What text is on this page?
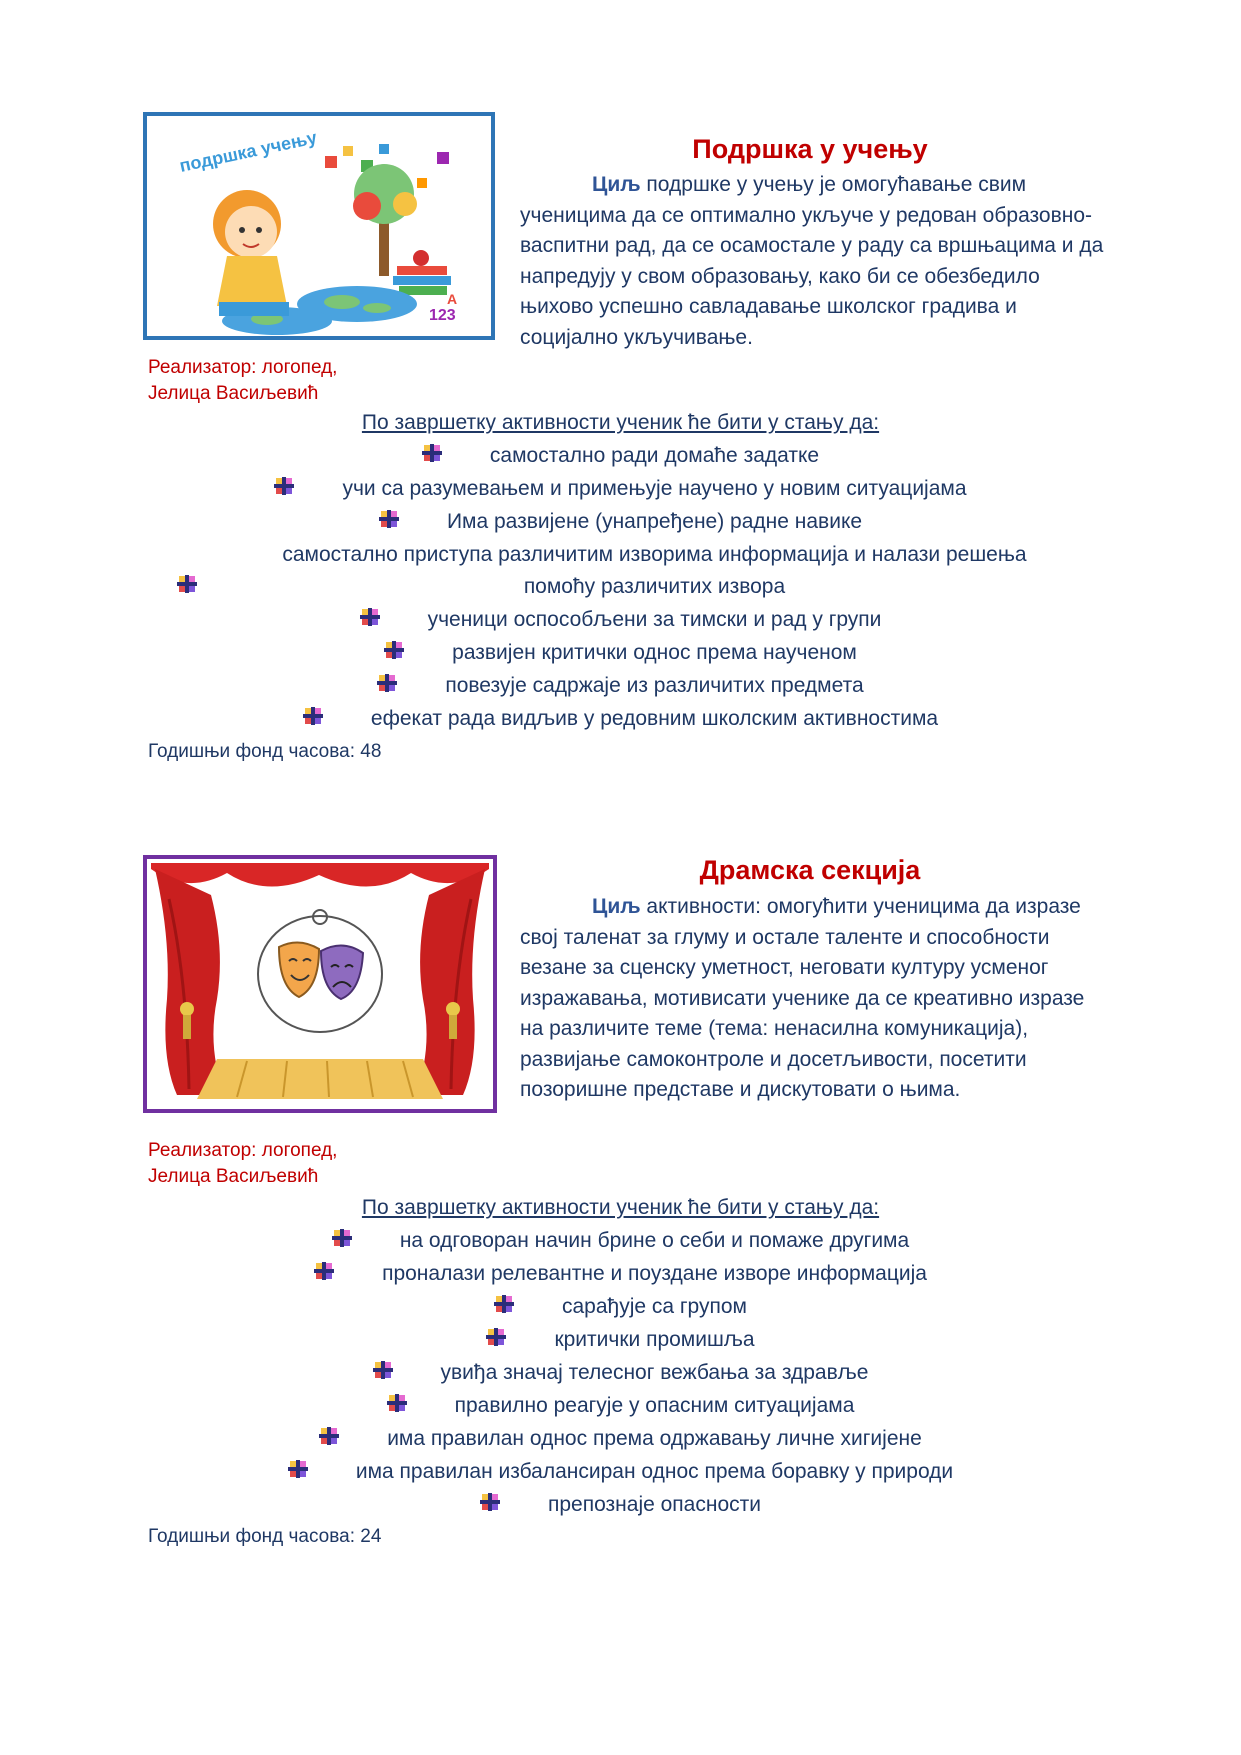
подршка учењу
123
A
Подршка у учењу

Циљ подршке у учењу је омогућавање свим ученицима да се оптимално укључе у редован образовно-васпитни рад, да се осамостале у раду са вршњацима и да напредују у свом образовању, како би се обезбедило њихово успешно савладавање школског градива и социјално укључивање.

Реализатор: логопед,
Јелица Васиљевић
По завршетку активности ученик ће бити у стању да:
самостално ради домаће задатке
учи са разумевањем и примењује научено у новим ситуацијама
Има развијене (унапређене) радне навике
самостално приступа различитим изворима информација и налази решења помоћу различитих извора
ученици оспособљени за тимски и рад у групи
развијен критички однос према наученом
повезује садржаје из различитих предмета
ефекат рада видљив у редовним школским активностима
Годишњи фонд часова: 48
Драмска секција

Циљ активности: омогућити ученицима да изразе свој таленат за глуму и остале таленте и способности везане за сценску уметност, неговати културу усменог изражавања, мотивисати ученике да се креативно изразе на различите теме (тема: ненасилна комуникација), развијање самоконтроле и досетљивости, посетити позоришне представе и дискутовати о њима.

Реализатор: логопед,
Јелица Васиљевић
По завршетку активности ученик ће бити у стању да:
на одговоран начин брине о себи и помаже другима
проналази релевантне и поуздане изворе информација
сарађује са групом
критички промишља
увиђа значај телесног вежбања за здравље
правилно реагује у опасним ситуацијама
има правилан однос према одржавању личне хигијене
има правилан избалансиран однос према боравку у природи
препознаје опасности
Годишњи фонд часова: 24
